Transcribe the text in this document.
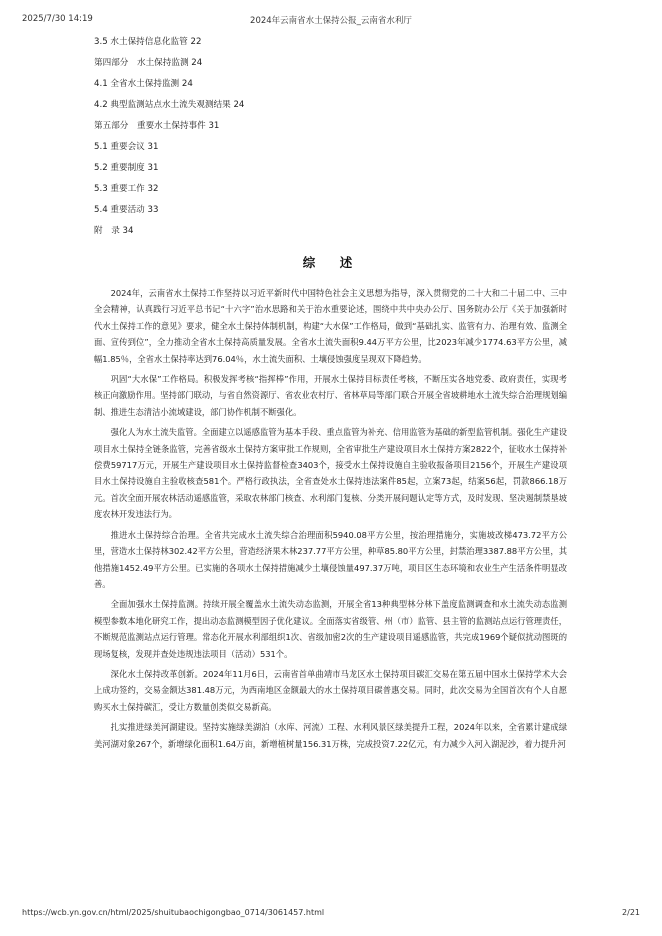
2025/7/30 14:19	2024年云南省水土保持公报_云南省水利厅
3.5 水土保持信息化监管 22
第四部分　水土保持监测 24
4.1 全省水土保持监测 24
4.2 典型监测站点水土流失观测结果 24
第五部分　重要水土保持事件 31
5.1 重要会议 31
5.2 重要制度 31
5.3 重要工作 32
5.4 重要活动 33
附　录 34
综　述

2024年，云南省水土保持工作坚持以习近平新时代中国特色社会主义思想为指导，深入贯彻党的二十大和二十届二中、三中全会精神，认真践行习近平总书记“十六字”治水思路和关于治水重要论述，围绕中共中央办公厅、国务院办公厅《关于加强新时代水土保持工作的意见》要求，健全水土保持体制机制，构建“大水保”工作格局，做到“基础扎实、监管有力、治理有效、监测全面、宣传到位”，全力推动全省水土保持高质量发展。全省水土流失面积9.44万平方公里，比2023年减少1774.63平方公里，减幅1.85％，全省水土保持率达到76.04％，水土流失面积、土壤侵蚀强度呈现双下降趋势。

巩固“大水保”工作格局。积极发挥考核“指挥棒”作用，开展水土保持目标责任考核，不断压实各地党委、政府责任，实现考核正向激励作用。坚持部门联动，与省自然资源厅、省农业农村厅、省林草局等部门联合开展全省坡耕地水土流失综合治理规划编制、推进生态清洁小流域建设，部门协作机制不断强化。

强化人为水土流失监管。全面建立以遥感监管为基本手段、重点监管为补充、信用监管为基础的新型监管机制。强化生产建设项目水土保持全链条监管，完善省级水土保持方案审批工作规则，全省审批生产建设项目水土保持方案2822个，征收水土保持补偿费59717万元，开展生产建设项目水土保持监督检查3403个，接受水土保持设施自主验收报备项目2156个，开展生产建设项目水土保持设施自主验收核查581个。严格行政执法，全省查处水土保持违法案件85起，立案73起，结案56起，罚款866.18万元。首次全面开展农林活动遥感监管，采取农林部门核查、水利部门复核、分类开展问题认定等方式，及时发现、坚决遏制禁垦坡度农林开发违法行为。

推进水土保持综合治理。全省共完成水土流失综合治理面积5940.08平方公里，按治理措施分，实施坡改梯473.72平方公里，营造水土保持林302.42平方公里，营造经济果木林237.77平方公里，种草85.80平方公里，封禁治理3387.88平方公里，其他措施1452.49平方公里。已实施的各项水土保持措施减少土壤侵蚀量497.37万吨，项目区生态环境和农业生产生活条件明显改善。

全面加强水土保持监测。持续开展全覆盖水土流失动态监测，开展全省13种典型林分林下盖度监测调查和水土流失动态监测模型参数本地化研究工作，提出动态监测模型因子优化建议。全面落实省级管、州（市）监管、县主管的监测站点运行管理责任，不断规范监测站点运行管理。常态化开展水利部组织1次、省级加密2次的生产建设项目遥感监管，共完成1969个疑似扰动图斑的现场复核，发现并查处违规违法项目（活动）531个。

深化水土保持改革创新。2024年11月6日，云南省首单曲靖市马龙区水土保持项目碳汇交易在第五届中国水土保持学术大会上成功签约，交易金额达381.48万元，为西南地区金额最大的水土保持项目碳普惠交易。同时，此次交易为全国首次有个人自愿购买水土保持碳汇，受让方数量创类似交易新高。

扎实推进绿美河湖建设。坚持实施绿美湖泊（水库、河流）工程、水利风景区绿美提升工程，2024年以来，全省累计建成绿美河湖对象267个，新增绿化面积1.64万亩，新增植树量156.31万株，完成投资7.22亿元，有力减少入河入湖泥沙，着力提升河

https://wcb.yn.gov.cn/html/2025/shuitubaochigongbao_0714/3061457.html	2/21
